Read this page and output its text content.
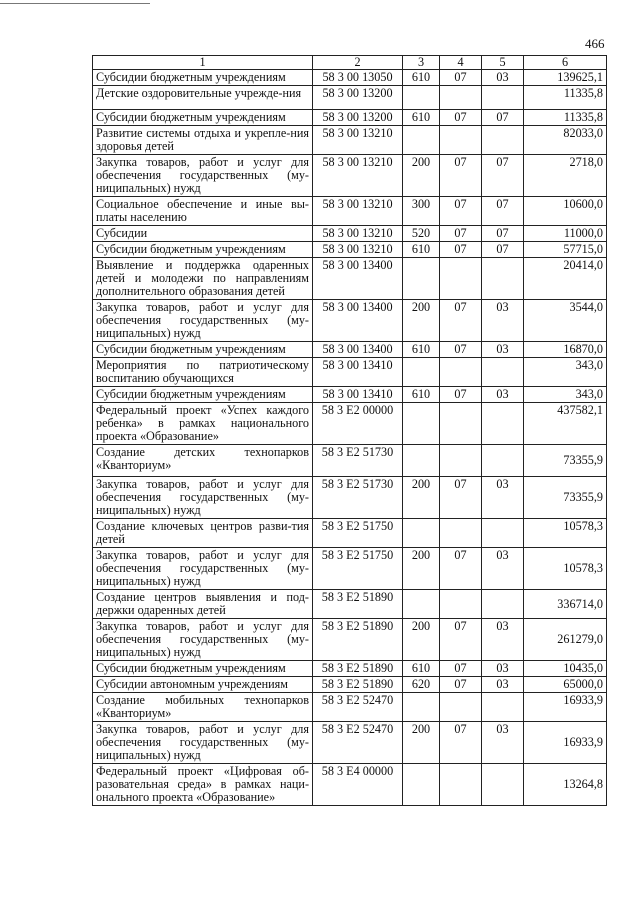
466
1	2	3	4	5	6
Субсидии бюджетным учреждениям	58 3 00 13050	610	07	03	139625,1
Детские оздоровительные учрежде-ния	58 3 00 13200				11335,8
Субсидии бюджетным учреждениям	58 3 00 13200	610	07	07	11335,8
Развитие системы отдыха и укрепле-ния здоровья детей	58 3 00 13210				82033,0
Закупка товаров, работ и услуг для обеспечения государственных (му-ниципальных) нужд	58 3 00 13210	200	07	07	2718,0
Социальное обеспечение и иные вы-платы населению	58 3 00 13210	300	07	07	10600,0
Субсидии	58 3 00 13210	520	07	07	11000,0
Субсидии бюджетным учреждениям	58 3 00 13210	610	07	07	57715,0
Выявление и поддержка одаренных детей и молодежи по направлениям дополнительного образования детей	58 3 00 13400				20414,0
Закупка товаров, работ и услуг для обеспечения государственных (му-ниципальных) нужд	58 3 00 13400	200	07	03	3544,0
Субсидии бюджетным учреждениям	58 3 00 13400	610	07	03	16870,0
Мероприятия по патриотическому воспитанию обучающихся	58 3 00 13410				343,0
Субсидии бюджетным учреждениям	58 3 00 13410	610	07	03	343,0
Федеральный проект «Успех каждого ребенка» в рамках национального проекта «Образование»	58 3 E2 00000				437582,1
Создание детских технопарков «Кванториум»	58 3 E2 51730				73355,9
Закупка товаров, работ и услуг для обеспечения государственных (му-ниципальных) нужд	58 3 E2 51730	200	07	03	73355,9
Создание ключевых центров разви-тия детей	58 3 E2 51750				10578,3
Закупка товаров, работ и услуг для обеспечения государственных (му-ниципальных) нужд	58 3 E2 51750	200	07	03	10578,3
Создание центров выявления и под-держки одаренных детей	58 3 E2 51890				336714,0
Закупка товаров, работ и услуг для обеспечения государственных (му-ниципальных) нужд	58 3 E2 51890	200	07	03	261279,0
Субсидии бюджетным учреждениям	58 3 E2 51890	610	07	03	10435,0
Субсидии автономным учреждениям	58 3 E2 51890	620	07	03	65000,0
Создание мобильных технопарков «Кванториум»	58 3 E2 52470				16933,9
Закупка товаров, работ и услуг для обеспечения государственных (му-ниципальных) нужд	58 3 E2 52470	200	07	03	16933,9
Федеральный проект «Цифровая об-разовательная среда» в рамках наци-онального проекта «Образование»	58 3 E4 00000				13264,8
